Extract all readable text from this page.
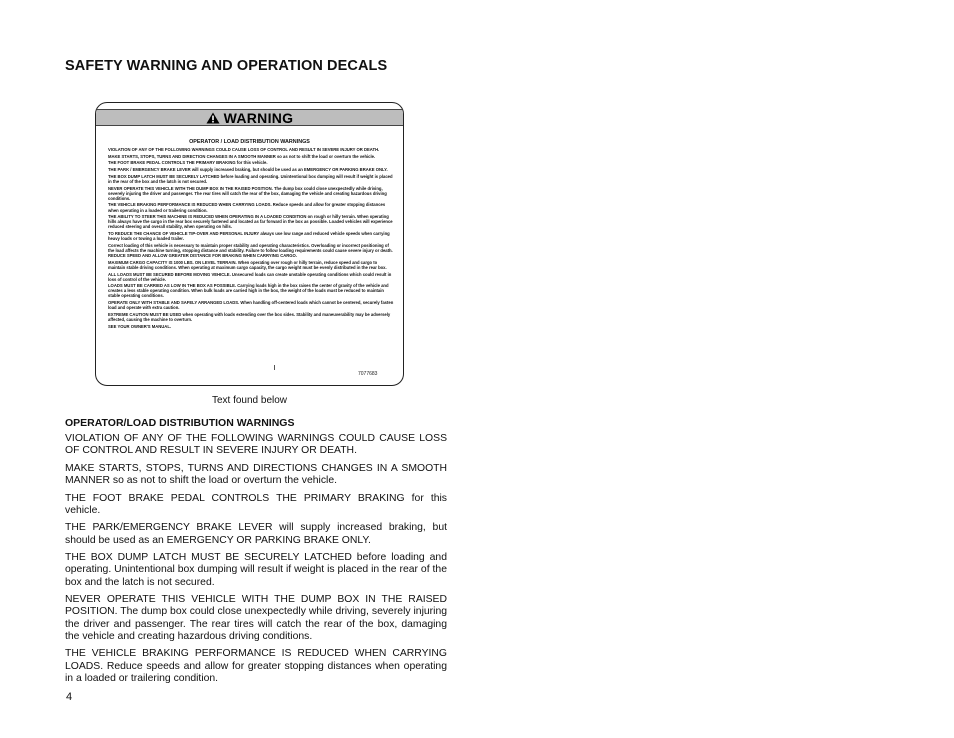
SAFETY WARNING AND OPERATION DECALS
WARNING
OPERATOR / LOAD DISTRIBUTION WARNINGS

VIOLATION OF ANY OF THE FOLLOWING WARNINGS COULD CAUSE LOSS OF CONTROL AND RESULT IN SEVERE INJURY OR DEATH.

MAKE STARTS, STOPS, TURNS AND DIRECTION CHANGES IN A SMOOTH MANNER so as not to shift the load or overturn the vehicle.

THE FOOT BRAKE PEDAL CONTROLS THE PRIMARY BRAKING for this vehicle.

THE PARK / EMERGENCY BRAKE LEVER will supply increased braking, but should be used as an EMERGENCY OR PARKING BRAKE ONLY.

THE BOX DUMP LATCH MUST BE SECURELY LATCHED before loading and operating. Unintentional box dumping will result if weight is placed in the rear of the box and the latch is not secured.

NEVER OPERATE THIS VEHICLE WITH THE DUMP BOX IN THE RAISED POSITION. The dump box could close unexpectedly while driving, severely injuring the driver and passenger. The rear tires will catch the rear of the box, damaging the vehicle and creating hazardous driving conditions.

THE VEHICLE BRAKING PERFORMANCE IS REDUCED WHEN CARRYING LOADS. Reduce speeds and allow for greater stopping distances when operating in a loaded or trailering condition.

THE ABILITY TO STEER THIS MACHINE IS REDUCED WHEN OPERATING IN A LOADED CONDITION on rough or hilly terrain. When operating hills always have the cargo in the rear box securely fastened and located as far forward in the box as possible. Loaded vehicles will experience reduced steering and overall stability, when operating on hills.

TO REDUCE THE CHANCE OF VEHICLE TIP-OVER AND PERSONAL INJURY always use low range and reduced vehicle speeds when carrying heavy loads or towing a loaded trailer.

Correct loading of this vehicle is necessary to maintain proper stability and operating characteristics. Overloading or incorrect positioning of the load affects the machine turning, stopping distance and stability. Failure to follow loading requirements could cause severe injury or death. REDUCE SPEED AND ALLOW GREATER DISTANCE FOR BRAKING WHEN CARRYING CARGO.

MAXIMUM CARGO CAPACITY IS 1000 LBS. ON LEVEL TERRAIN. When operating over rough or hilly terrain, reduce speed and cargo to maintain stable driving conditions. When operating at maximum cargo capacity, the cargo weight must be evenly distributed in the rear box.

ALL LOADS MUST BE SECURED BEFORE MOVING VEHICLE. Unsecured loads can create unstable operating conditions which could result in loss of control of the vehicle.

LOADS MUST BE CARRIED AS LOW IN THE BOX AS POSSIBLE. Carrying loads high in the box raises the center of gravity of the vehicle and creates a less stable operating condition. When bulk loads are carried high in the box, the weight of the loads must be reduced to maintain stable operating conditions.

OPERATE ONLY WITH STABLE AND SAFELY ARRANGED LOADS. When handling off-centered loads which cannot be centered, securely fasten load and operate with extra caution.

EXTREME CAUTION MUST BE USED when operating with loads extending over the box sides. Stability and maneuverability may be adversely affected, causing the machine to overturn.

SEE YOUR OWNER'S MANUAL.

7077683
Text found below
OPERATOR/LOAD DISTRIBUTION WARNINGS

VIOLATION OF ANY OF THE FOLLOWING WARNINGS COULD CAUSE LOSS OF CONTROL AND RESULT IN SEVERE INJURY OR DEATH.

MAKE STARTS, STOPS, TURNS AND DIRECTIONS CHANGES IN A SMOOTH MANNER so as not to shift the load or overturn the vehicle.

THE FOOT BRAKE PEDAL CONTROLS THE PRIMARY BRAKING for this vehicle.

THE PARK/EMERGENCY BRAKE LEVER will supply increased braking, but should be used as an EMERGENCY OR PARKING BRAKE ONLY.

THE BOX DUMP LATCH MUST BE SECURELY LATCHED before loading and operating. Unintentional box dumping will result if weight is placed in the rear of the box and the latch is not secured.

NEVER OPERATE THIS VEHICLE WITH THE DUMP BOX IN THE RAISED POSITION. The dump box could close unexpectedly while driving, severely injuring the driver and passenger. The rear tires will catch the rear of the box, damaging the vehicle and creating hazardous driving conditions.

THE VEHICLE BRAKING PERFORMANCE IS REDUCED WHEN CARRYING LOADS. Reduce speeds and allow for greater stopping distances when operating in a loaded or trailering condition.

4
